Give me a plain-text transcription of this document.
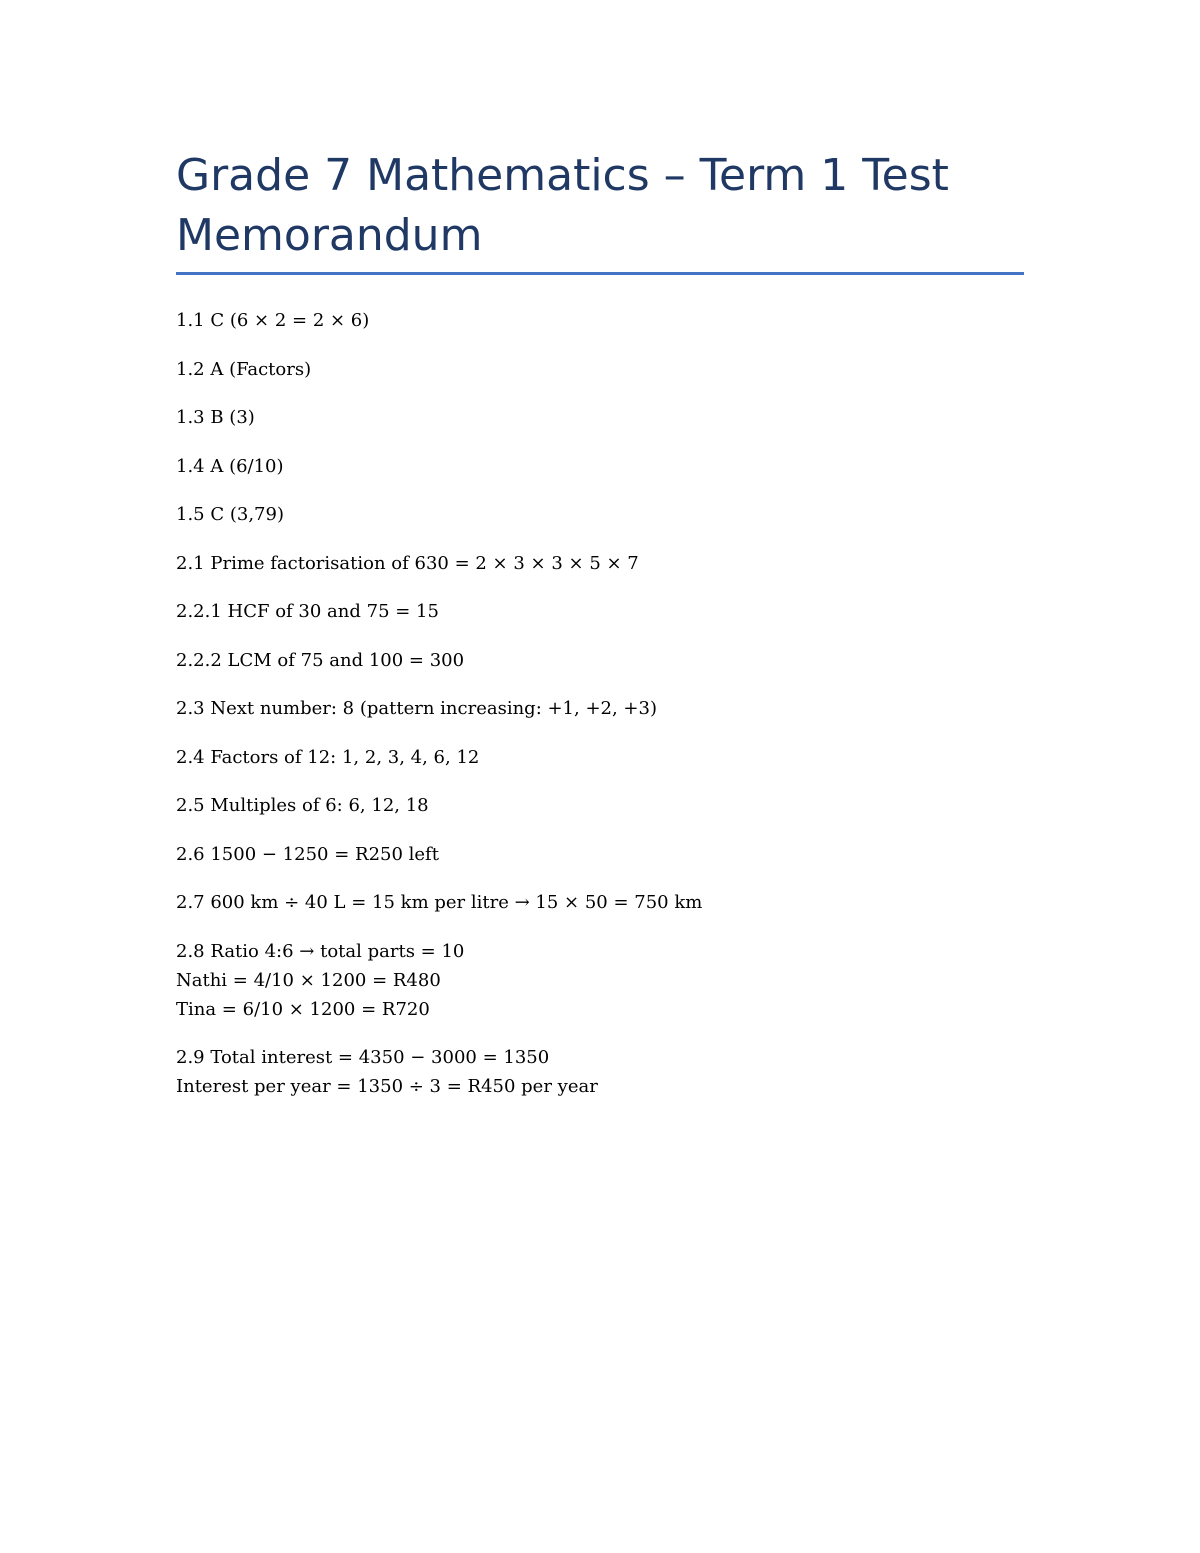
Grade 7 Mathematics – Term 1 Test

Memorandum

1.1 C (6 × 2 = 2 × 6)

1.2 A (Factors)

1.3 B (3)

1.4 A (6/10)

1.5 C (3,79)

2.1 Prime factorisation of 630 = 2 × 3 × 3 × 5 × 7

2.2.1 HCF of 30 and 75 = 15

2.2.2 LCM of 75 and 100 = 300

2.3 Next number: 8 (pattern increasing: +1, +2, +3)

2.4 Factors of 12: 1, 2, 3, 4, 6, 12

2.5 Multiples of 6: 6, 12, 18

2.6 1500 − 1250 = R250 left

2.7 600 km ÷ 40 L = 15 km per litre → 15 × 50 = 750 km

2.8 Ratio 4:6 → total parts = 10

Nathi = 4/10 × 1200 = R480

Tina = 6/10 × 1200 = R720

2.9 Total interest = 4350 − 3000 = 1350

Interest per year = 1350 ÷ 3 = R450 per year
